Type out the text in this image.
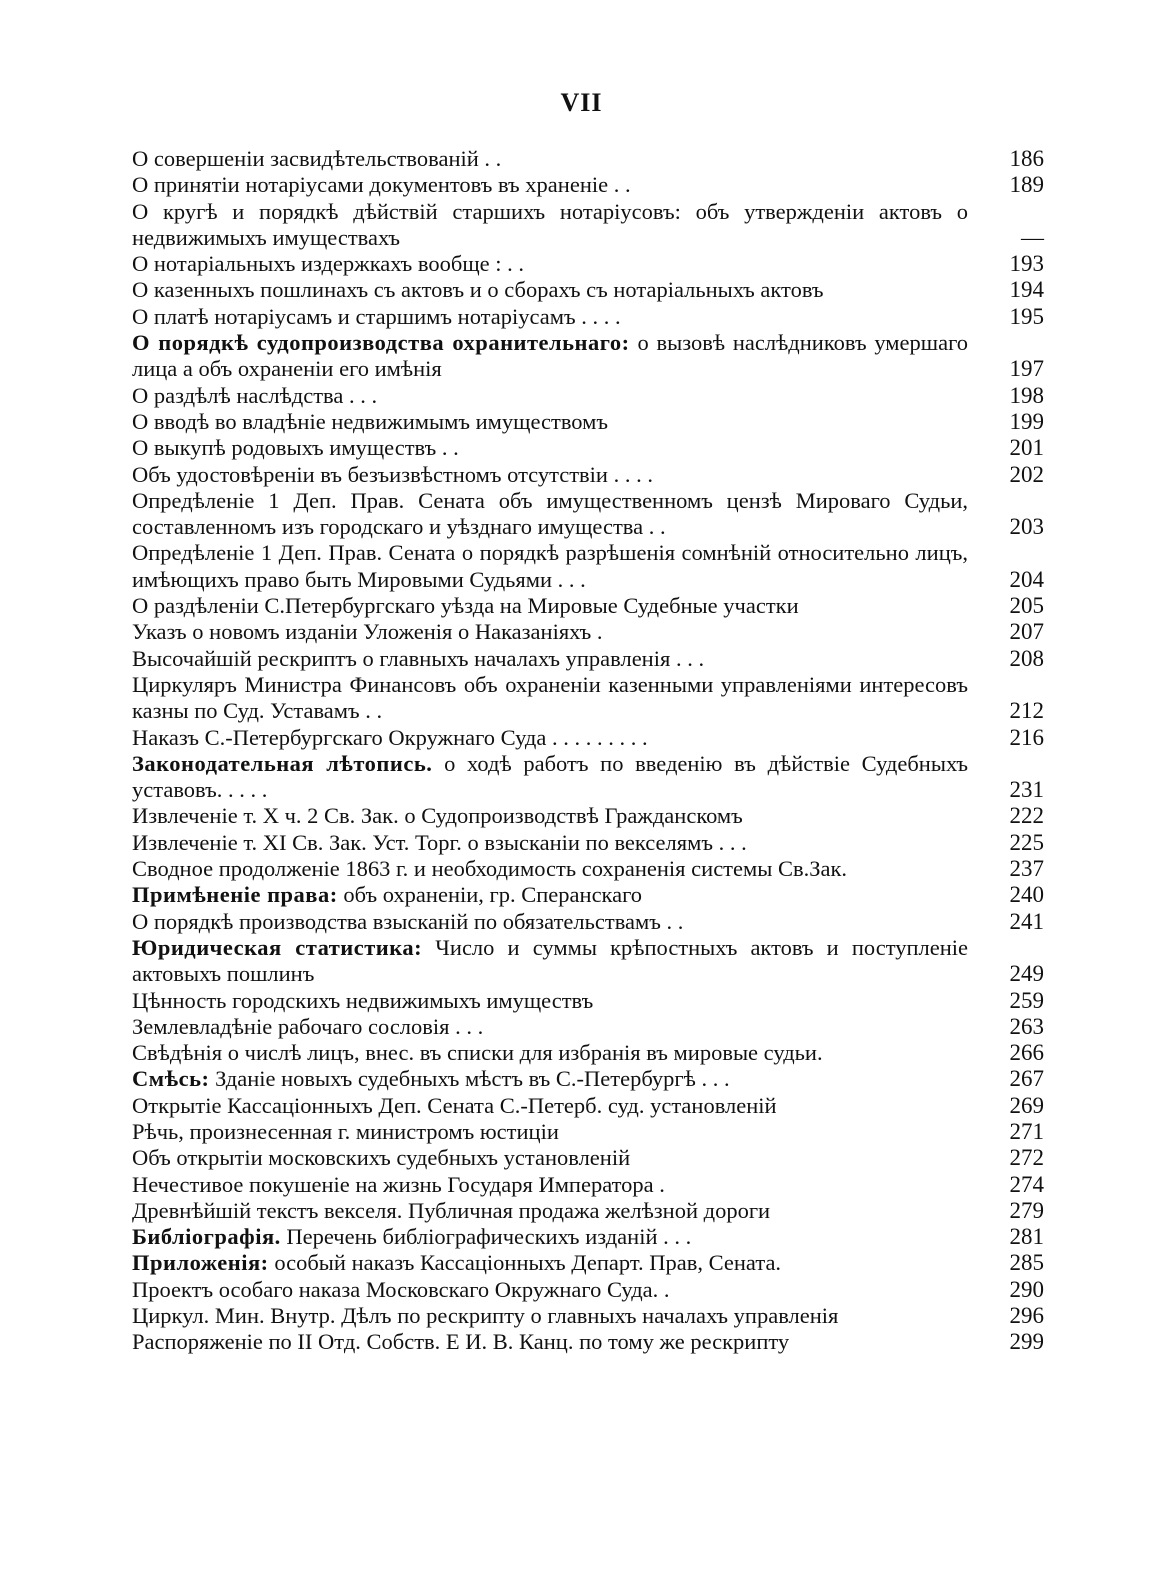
VII
О совершеніи засвидѣтельствованій . .	186
О принятіи нотаріусами документовъ въ храненіе . .	189
О кругѣ и порядкѣ дѣйствій старшихъ нотаріусовъ: объ утвержденіи актовъ о недвижимыхъ имуществахъ	—
О нотаріальныхъ издержкахъ вообще : . .	193
О казенныхъ пошлинахъ съ актовъ и о сборахъ съ нотаріальныхъ актовъ	194
О платѣ нотаріусамъ и старшимъ нотаріусамъ . . . .	195
О порядкѣ судопроизводства охранительнаго: о вызовѣ наслѣдниковъ умершаго лица а объ охраненіи его имѣнія	197
О раздѣлѣ наслѣдства . . .	198
О вводѣ во владѣніе недвижимымъ имуществомъ	199
О выкупѣ родовыхъ имуществъ . .	201
Объ удостовѣреніи въ безъизвѣстномъ отсутствіи . . . .	202
Опредѣленіе 1 Деп. Прав. Сената объ имущественномъ цензѣ Мироваго Судьи, составленномъ изъ городскаго и уѣзднаго имущества . .	203
Опредѣленіе 1 Деп. Прав. Сената о порядкѣ разрѣшенія сомнѣній относительно лицъ, имѣющихъ право быть Мировыми Судьями . . .	204
О раздѣленіи С.Петербургскаго уѣзда на Мировые Судебные участки	205
Указъ о новомъ изданіи Уложенія о Наказаніяхъ .	207
Высочайшій рескриптъ о главныхъ началахъ управленія . . .	208
Циркуляръ Министра Финансовъ объ охраненіи казенными управленіями интересовъ казны по Суд. Уставамъ . .	212
Наказъ С.-Петербургскаго Окружнаго Суда . . . . . . . . .	216
Законодательная лѣтопись. о ходѣ работъ по введенію въ дѣйствіе Судебныхъ уставовъ. . . . .	231
Извлеченіе т. X ч. 2 Св. Зак. о Судопроизводствѣ Гражданскомъ	222
Извлеченіе т. XI Св. Зак. Уст. Торг. о взысканіи по векселямъ . . .	225
Сводное продолженіе 1863 г. и необходимость сохраненія системы Св.Зак.	237
Примѣненіе права: объ охраненіи, гр. Сперанскаго	240
О порядкѣ производства взысканій по обязательствамъ . .	241
Юридическая статистика: Число и суммы крѣпостныхъ актовъ и поступленіе актовыхъ пошлинъ	249
Цѣнность городскихъ недвижимыхъ имуществъ	259
Землевладѣніе рабочаго сословія . . .	263
Свѣдѣнія о числѣ лицъ, внес. въ списки для избранія въ мировые судьи.	266
Смѣсь: Зданіе новыхъ судебныхъ мѣстъ въ С.-Петербургѣ . . .	267
Открытіе Кассаціонныхъ Деп. Сената С.-Петерб. суд. установленій	269
Рѣчь, произнесенная г. министромъ юстиціи	271
Объ открытіи московскихъ судебныхъ установленій	272
Нечестивое покушеніе на жизнь Государя Императора .	274
Древнѣйшій текстъ векселя. Публичная продажа желѣзной дороги	279
Библіографія. Перечень библіографическихъ изданій . . .	281
Приложенія: особый наказъ Кассаціонныхъ Департ. Прав, Сената.	285
Проектъ особаго наказа Московскаго Окружнаго Суда. .	290
Циркул. Мин. Внутр. Дѣлъ по рескрипту о главныхъ началахъ управленія	296
Распоряженіе по II Отд. Собств. Е И. В. Канц. по тому же рескрипту	299
